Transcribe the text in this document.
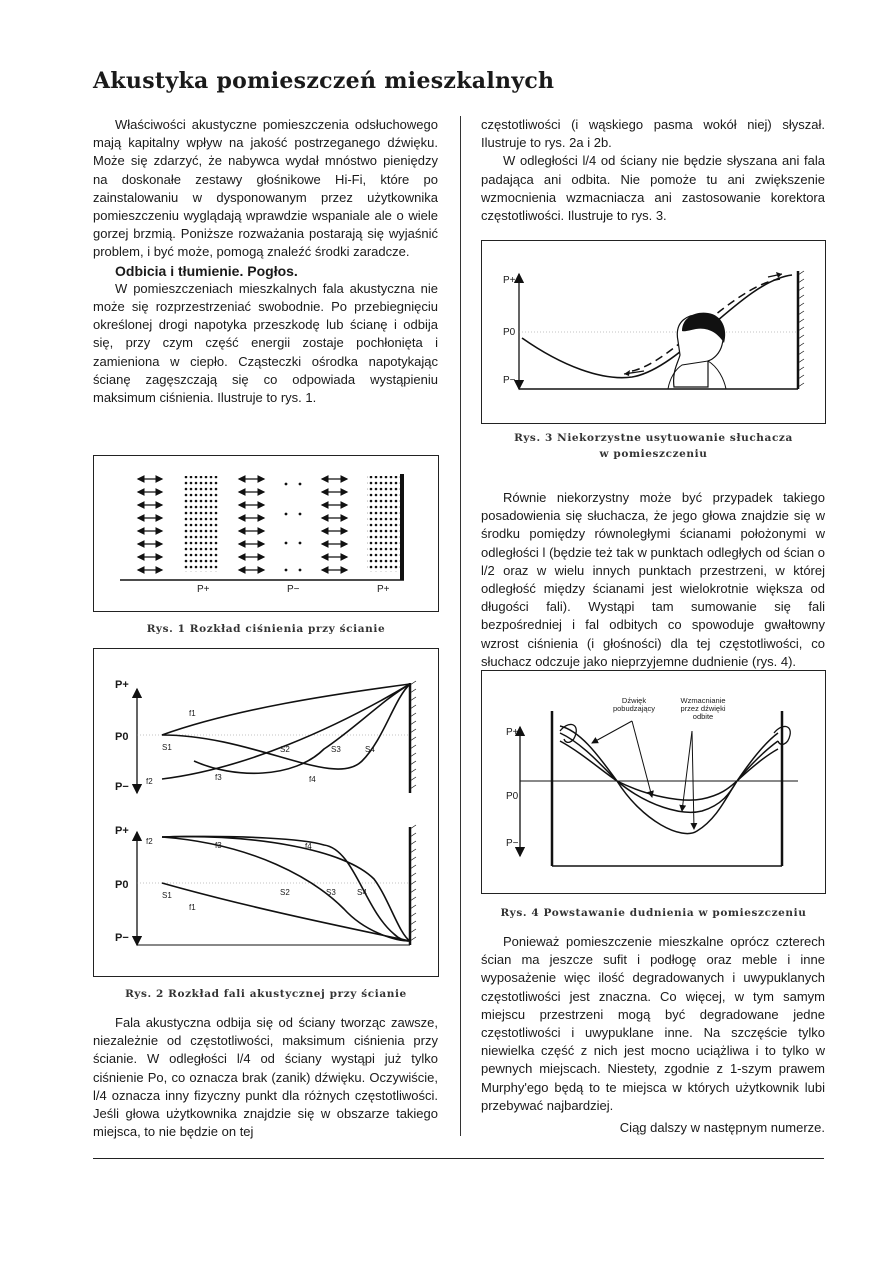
Akustyka pomieszczeń mieszkalnych

Właściwości akustyczne pomieszczenia odsłuchowego mają kapitalny wpływ na jakość postrzeganego dźwięku. Może się zdarzyć, że nabywca wydał mnóstwo pieniędzy na doskonałe zestawy głośnikowe Hi-Fi, które po zainstalowaniu w dysponowanym przez użytkownika pomieszczeniu wyglądają wprawdzie wspaniale ale o wiele gorzej brzmią. Poniższe rozważania postarają się wyjaśnić problem, i być może, pomogą znaleźć środki zaradcze.

Odbicia i tłumienie. Pogłos.

W pomieszczeniach mieszkalnych fala akustyczna nie może się rozprzestrzeniać swobodnie. Po przebiegnięciu określonej drogi napotyka przeszkodę lub ścianę i odbija się, przy czym część energii zostaje pochłonięta i zamieniona w ciepło. Cząsteczki ośrodka napotykając ścianę zagęszczają się co odpowiada wystąpieniu maksimum ciśnienia. Ilustruje to rys. 1.

P+	P−	P+
Rys. 1 Rozkład ciśnienia przy ścianie
P+
P0
P−
f1
f2	f3	f4
S1	S2	S3	S4
P+
P0
P−
f2	f3	f4
f1
S1	S2	S3	S4
Rys. 2 Rozkład fali akustycznej przy ścianie

Fala akustyczna odbija się od ściany tworząc zawsze, niezależnie od częstotliwości, maksimum ciśnienia przy ścianie. W odległości l/4 od ściany wystąpi już tylko ciśnienie Po, co oznacza brak (zanik) dźwięku. Oczywiście, l/4 oznacza inny fizyczny punkt dla różnych częstotliwości. Jeśli głowa użytkownika znajdzie się w obszarze takiego miejsca, to nie będzie on tej

częstotliwości (i wąskiego pasma wokół niej) słyszał. Ilustruje to rys. 2a i 2b.

W odległości l/4 od ściany nie będzie słyszana ani fala padająca ani odbita. Nie pomoże tu ani zwiększenie wzmocnienia wzmacniacza ani zastosowanie korektora częstotliwości. Ilustruje to rys. 3.

P+
P0
P−
Rys. 3 Niekorzystne usytuowanie słuchacza
w pomieszczeniu

Równie niekorzystny może być przypadek takiego posadowienia się słuchacza, że jego głowa znajdzie się w środku pomiędzy równoległymi ścianami położonymi w odległości l (będzie też tak w punktach odległych od ścian o l/2 oraz w wielu innych punktach przestrzeni, w której odległość między ścianami jest wielokrotnie większa od długości fali). Wystąpi tam sumowanie się fali bezpośredniej i fal odbitych co spowoduje gwałtowny wzrost ciśnienia (i głośności) dla tej częstotliwości, co słuchacz odczuje jako nieprzyjemne dudnienie (rys. 4).

P+
P0
P−
Dźwięk
pobudzający
Wzmacnianie
przez dźwięki
odbite
Rys. 4 Powstawanie dudnienia w pomieszczeniu

Ponieważ pomieszczenie mieszkalne oprócz czterech ścian ma jeszcze sufit i podłogę oraz meble i inne wyposażenie więc ilość degradowanych i uwypuklanych częstotliwości jest znaczna. Co więcej, w tym samym miejscu przestrzeni mogą być degradowane jedne częstotliwości i uwypuklane inne. Na szczęście tylko niewielka część z nich jest mocno uciążliwa i to tylko w pewnych miejscach. Niestety, zgodnie z 1-szym prawem Murphy'ego będą to te miejsca w których użytkownik lubi przebywać najbardziej.

Ciąg dalszy w następnym numerze.
